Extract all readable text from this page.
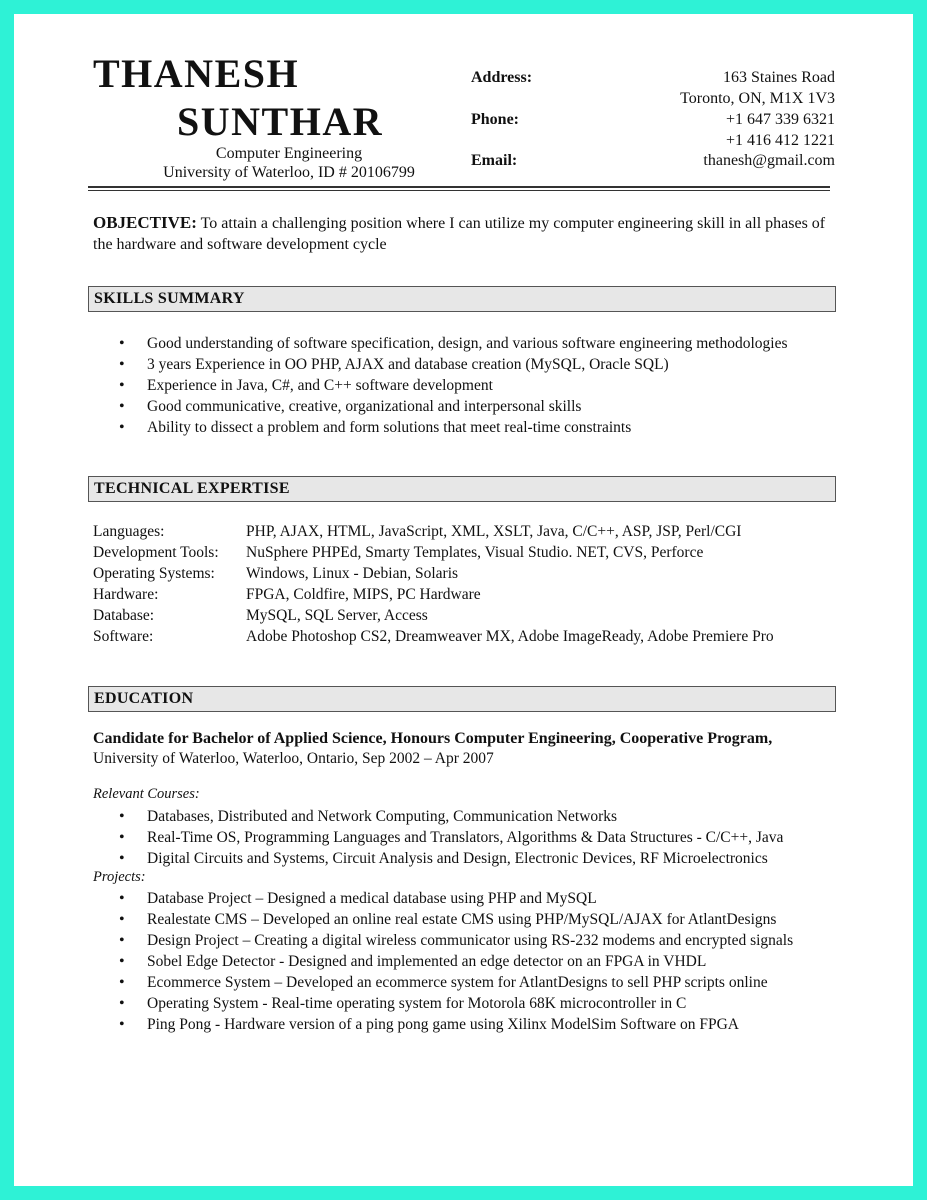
THANESH
SUNTHAR
Computer Engineering
University of Waterloo, ID # 20106799
Address:	163 Staines Road
Toronto, ON, M1X 1V3
Phone:	+1 647 339 6321
+1 416 412 1221
Email:	thanesh@gmail.com
OBJECTIVE: To attain a challenging position where I can utilize my computer engineering skill in all phases of the hardware and software development cycle
SKILLS SUMMARY
• Good understanding of software specification, design, and various software engineering methodologies
• 3 years Experience in OO PHP, AJAX and database creation (MySQL, Oracle SQL)
• Experience in Java, C#, and C++ software development
• Good communicative, creative, organizational and interpersonal skills
• Ability to dissect a problem and form solutions that meet real-time constraints
TECHNICAL EXPERTISE
Languages:	PHP, AJAX, HTML, JavaScript, XML, XSLT, Java, C/C++, ASP, JSP, Perl/CGI
Development Tools: NuSphere PHPEd, Smarty Templates, Visual Studio. NET, CVS, Perforce
Operating Systems: Windows, Linux - Debian, Solaris
Hardware:	FPGA, Coldfire, MIPS, PC Hardware
Database:	MySQL, SQL Server, Access
Software:	Adobe Photoshop CS2, Dreamweaver MX, Adobe ImageReady, Adobe Premiere Pro
EDUCATION
Candidate for Bachelor of Applied Science, Honours Computer Engineering, Cooperative Program,
University of Waterloo, Waterloo, Ontario, Sep 2002 – Apr 2007
Relevant Courses:
• Databases, Distributed and Network Computing, Communication Networks
• Real-Time OS, Programming Languages and Translators, Algorithms & Data Structures - C/C++, Java
• Digital Circuits and Systems, Circuit Analysis and Design, Electronic Devices, RF Microelectronics
Projects:
• Database Project – Designed a medical database using PHP and MySQL
• Realestate CMS – Developed an online real estate CMS using PHP/MySQL/AJAX for AtlantDesigns
• Design Project – Creating a digital wireless communicator using RS-232 modems and encrypted signals
• Sobel Edge Detector - Designed and implemented an edge detector on an FPGA in VHDL
• Ecommerce System – Developed an ecommerce system for AtlantDesigns to sell PHP scripts online
• Operating System - Real-time operating system for Motorola 68K microcontroller in C
• Ping Pong - Hardware version of a ping pong game using Xilinx ModelSim Software on FPGA
